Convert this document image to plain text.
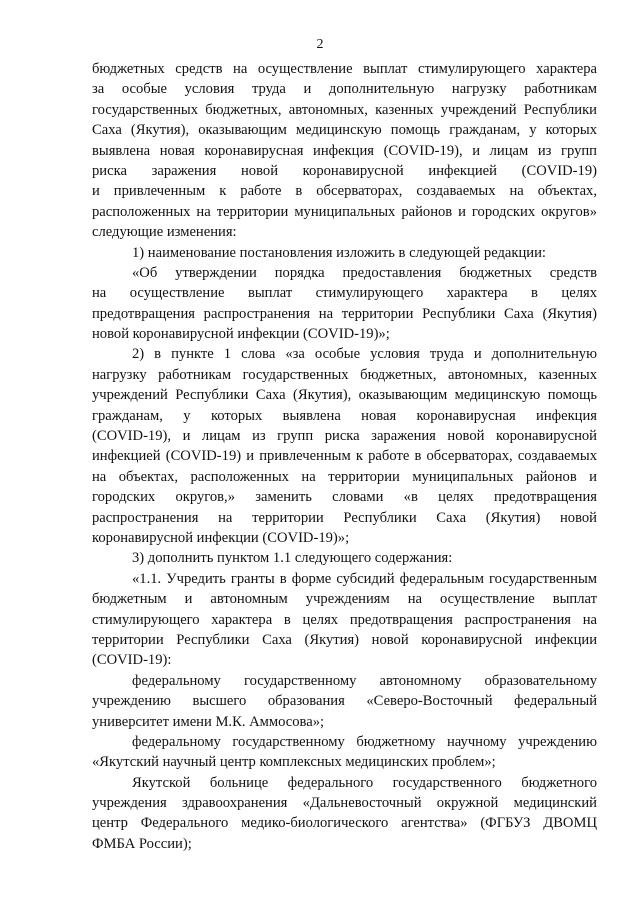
2
бюджетных средств на осуществление выплат стимулирующего характера
за особые условия труда и дополнительную нагрузку работникам
государственных бюджетных, автономных, казенных учреждений Республики
Саха (Якутия), оказывающим медицинскую помощь гражданам, у которых
выявлена новая коронавирусная инфекция (COVID-19), и лицам из групп
риска заражения новой коронавирусной инфекцией (COVID-19)
и привлеченным к работе в обсерваторах, создаваемых на объектах,
расположенных на территории муниципальных районов и городских округов»
следующие изменения:
1) наименование постановления изложить в следующей редакции:
«Об утверждении порядка предоставления бюджетных средств
на осуществление выплат стимулирующего характера в целях
предотвращения распространения на территории Республики Саха (Якутия)
новой коронавирусной инфекции (COVID-19)»;
2) в пункте 1 слова «за особые условия труда и дополнительную
нагрузку работникам государственных бюджетных, автономных, казенных
учреждений Республики Саха (Якутия), оказывающим медицинскую помощь
гражданам, у которых выявлена новая коронавирусная инфекция
(COVID-19), и лицам из групп риска заражения новой коронавирусной
инфекцией (COVID-19) и привлеченным к работе в обсерваторах, создаваемых
на объектах, расположенных на территории муниципальных районов и
городских округов,» заменить словами «в целях предотвращения
распространения на территории Республики Саха (Якутия) новой
коронавирусной инфекции (COVID-19)»;
3) дополнить пунктом 1.1 следующего содержания:
«1.1. Учредить гранты в форме субсидий федеральным государственным
бюджетным и автономным учреждениям на осуществление выплат
стимулирующего характера в целях предотвращения распространения на
территории Республики Саха (Якутия) новой коронавирусной инфекции
(COVID-19):
федеральному государственному автономному образовательному
учреждению высшего образования «Северо-Восточный федеральный
университет имени М.К. Аммосова»;
федеральному государственному бюджетному научному учреждению
«Якутский научный центр комплексных медицинских проблем»;
Якутской больнице федерального государственного бюджетного
учреждения здравоохранения «Дальневосточный окружной медицинский
центр Федерального медико-биологического агентства» (ФГБУЗ ДВОМЦ
ФМБА России);
